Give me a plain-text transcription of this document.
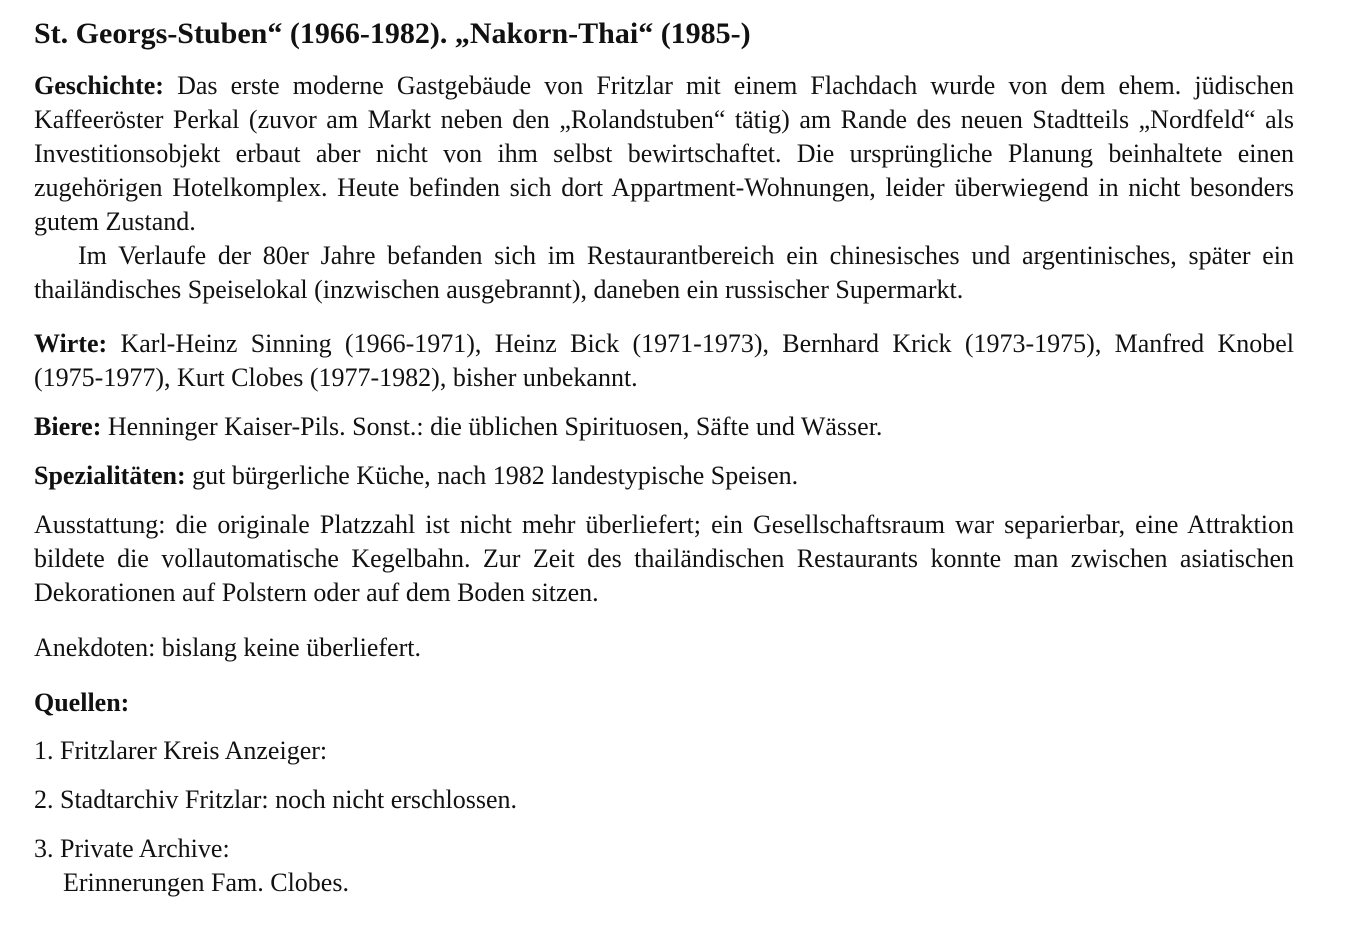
St. Georgs-Stuben“ (1966-1982). „Nakorn-Thai“ (1985-)

Geschichte: Das erste moderne Gastgebäude von Fritzlar mit einem Flachdach wurde von dem ehem. jüdischen Kaffeeröster Perkal (zuvor am Markt neben den „Rolandstuben“ tätig) am Rande des neuen Stadtteils „Nordfeld“ als Investitionsobjekt erbaut aber nicht von ihm selbst bewirtschaftet. Die ursprüngliche Planung beinhaltete einen zugehörigen Hotelkomplex. Heute befinden sich dort Appartment-Wohnungen, leider überwiegend in nicht besonders gutem Zustand.

Im Verlaufe der 80er Jahre befanden sich im Restaurantbereich ein chinesisches und argentinisches, später ein thailändisches Speiselokal (inzwischen ausgebrannt), daneben ein russischer Supermarkt.

Wirte: Karl-Heinz Sinning (1966-1971), Heinz Bick (1971-1973), Bernhard Krick (1973-1975), Manfred Knobel (1975-1977), Kurt Clobes (1977-1982), bisher unbekannt.

Biere: Henninger Kaiser-Pils. Sonst.: die üblichen Spirituosen, Säfte und Wässer.
Spezialitäten: gut bürgerliche Küche, nach 1982 landestypische Speisen.

Ausstattung: die originale Platzzahl ist nicht mehr überliefert; ein Gesellschaftsraum war separierbar, eine Attraktion bildete die vollautomatische Kegelbahn. Zur Zeit des thailändischen Restaurants konnte man zwischen asiatischen Dekorationen auf Polstern oder auf dem Boden sitzen.

Anekdoten: bislang keine überliefert.
Quellen:
1. Fritzlarer Kreis Anzeiger:
2. Stadtarchiv Fritzlar: noch nicht erschlossen.
3. Private Archive:
Erinnerungen Fam. Clobes.
